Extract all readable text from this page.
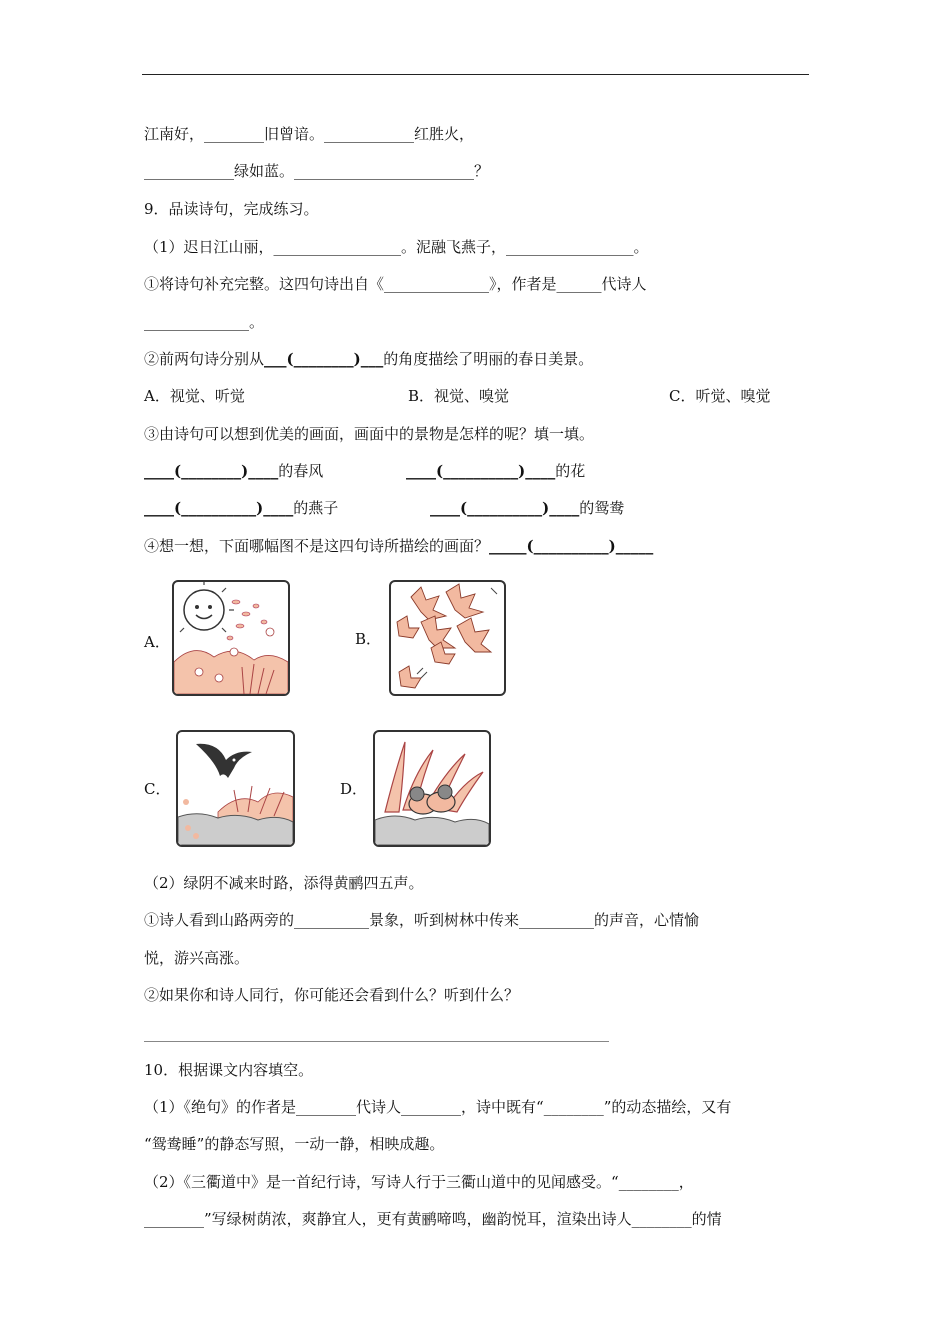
江南好，________旧曾谙。____________红胜火，
____________绿如蓝。________________________？
9．品读诗句，完成练习。
（1）迟日江山丽，_________________。泥融飞燕子，_________________。
①将诗句补充完整。这四句诗出自《______________》，作者是______代诗人
______________。
②前两句诗分别从___(________)___的角度描绘了明丽的春日美景。
A．视觉、听觉	B．视觉、嗅觉	C．听觉、嗅觉
③由诗句可以想到优美的画面，画面中的景物是怎样的呢？填一填。
____(________)____的春风	____(__________)____的花
____(__________)____的燕子	____(__________)____的鸳鸯
④想一想，下面哪幅图不是这四句诗所描绘的画面？_____(__________)_____
A．	B．
C．	D．
（2）绿阴不减来时路，添得黄鹂四五声。
①诗人看到山路两旁的__________景象，听到树林中传来__________的声音，心情愉
悦，游兴高涨。
②如果你和诗人同行，你可能还会看到什么？听到什么？
______________________________________________________________
10．根据课文内容填空。
（1）《绝句》的作者是________代诗人________，诗中既有“________”的动态描绘，又有
“鸳鸯睡”的静态写照，一动一静，相映成趣。
（2）《三衢道中》是一首纪行诗，写诗人行于三衢山道中的见闻感受。“________，
________”写绿树荫浓，爽静宜人，更有黄鹂啼鸣，幽韵悦耳，渲染出诗人________的情
